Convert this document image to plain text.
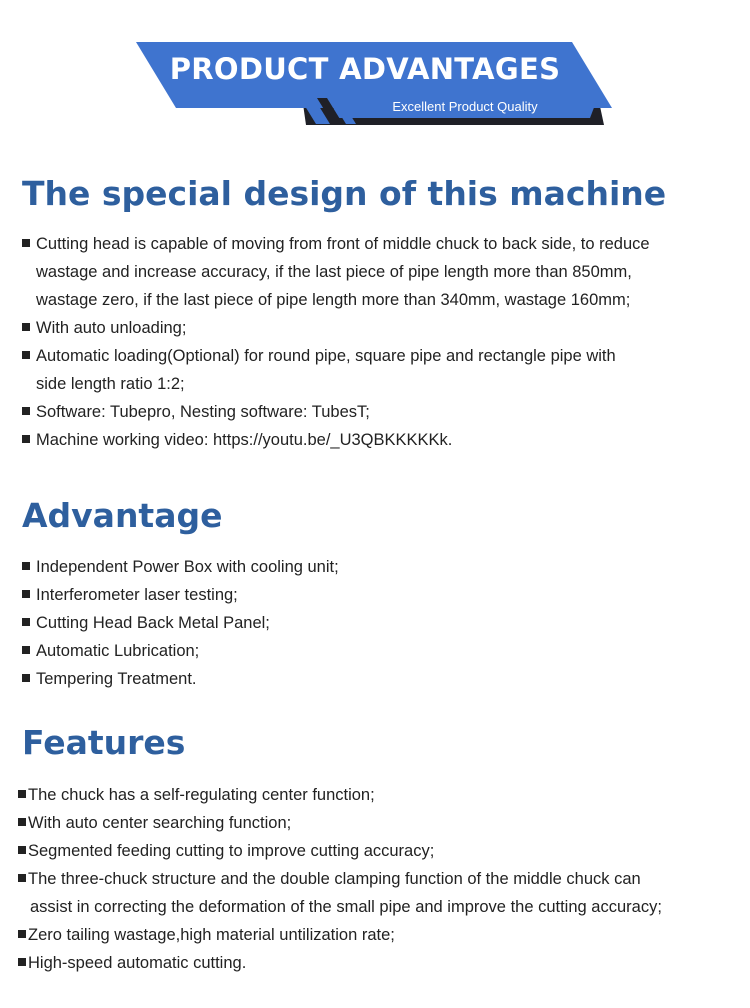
PRODUCT ADVANTAGES
Excellent Product Quality
The special design of this machine
Cutting head is capable of moving from front of middle chuck to back side, to reduce
wastage and increase accuracy, if the last piece of pipe length more than 850mm,
wastage zero, if the last piece of pipe length more than 340mm, wastage 160mm;
With auto unloading;
Automatic loading(Optional) for round pipe, square pipe and rectangle pipe with
side length ratio 1:2;
Software: Tubepro, Nesting software: TubesT;
Machine working video: https://youtu.be/_U3QBKKKKKk.
Advantage
Independent Power Box with cooling unit;
Interferometer laser testing;
Cutting Head Back Metal Panel;
Automatic Lubrication;
Tempering Treatment.
Features
The chuck has a self-regulating center function;
With auto center searching function;
Segmented feeding cutting to improve cutting accuracy;
The three-chuck structure and the double clamping function of the middle chuck can
assist in correcting the deformation of the small pipe and improve the cutting accuracy;
Zero tailing wastage,high material untilization rate;
High-speed automatic cutting.
